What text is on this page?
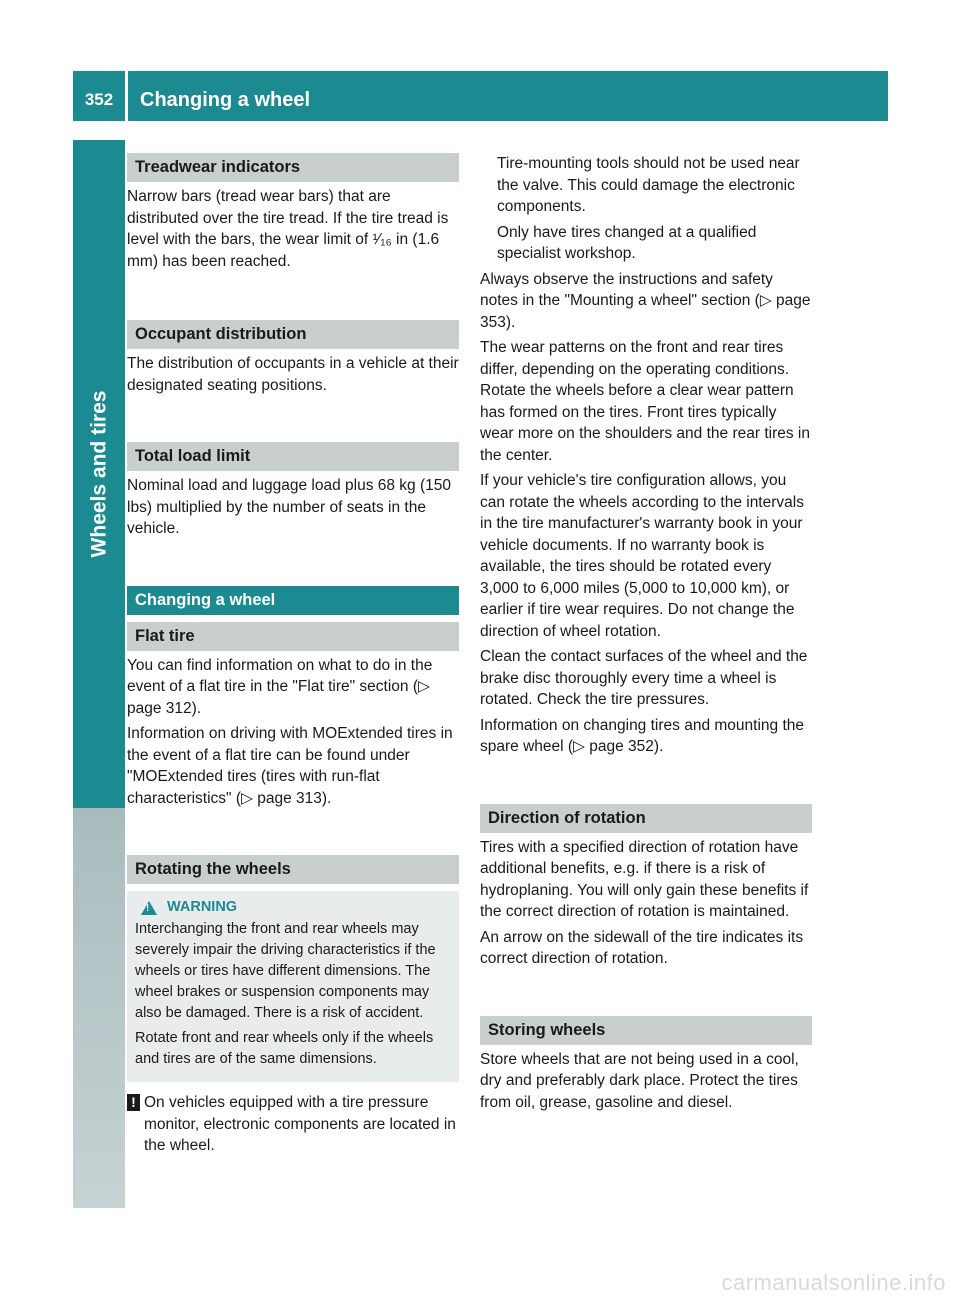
352	Changing a wheel
Wheels and tires
Treadwear indicators

Narrow bars (tread wear bars) that are distributed over the tire tread. If the tire tread is level with the bars, the wear limit of ¹⁄₁₆ in (1.6 mm) has been reached.

Occupant distribution

The distribution of occupants in a vehicle at their designated seating positions.

Total load limit

Nominal load and luggage load plus 68 kg (150 lbs) multiplied by the number of seats in the vehicle.

Changing a wheel
Flat tire

You can find information on what to do in the event of a flat tire in the "Flat tire" section (▷ page 312).

Information on driving with MOExtended tires in the event of a flat tire can be found under "MOExtended tires (tires with run-flat characteristics" (▷ page 313).

Rotating the wheels
!
WARNING

Interchanging the front and rear wheels may severely impair the driving characteristics if the wheels or tires have different dimensions. The wheel brakes or suspension components may also be damaged. There is a risk of accident.

Rotate front and rear wheels only if the wheels and tires are of the same dimensions.

! On vehicles equipped with a tire pressure monitor, electronic components are located in the wheel.

Tire-mounting tools should not be used near the valve. This could damage the electronic components.

Only have tires changed at a qualified specialist workshop.

Always observe the instructions and safety notes in the "Mounting a wheel" section (▷ page 353).

The wear patterns on the front and rear tires differ, depending on the operating conditions. Rotate the wheels before a clear wear pattern has formed on the tires. Front tires typically wear more on the shoulders and the rear tires in the center.

If your vehicle's tire configuration allows, you can rotate the wheels according to the intervals in the tire manufacturer's warranty book in your vehicle documents. If no warranty book is available, the tires should be rotated every 3,000 to 6,000 miles (5,000 to 10,000 km), or earlier if tire wear requires. Do not change the direction of wheel rotation.

Clean the contact surfaces of the wheel and the brake disc thoroughly every time a wheel is rotated. Check the tire pressures.

Information on changing tires and mounting the spare wheel (▷ page 352).

Direction of rotation

Tires with a specified direction of rotation have additional benefits, e.g. if there is a risk of hydroplaning. You will only gain these benefits if the correct direction of rotation is maintained.

An arrow on the sidewall of the tire indicates its correct direction of rotation.

Storing wheels

Store wheels that are not being used in a cool, dry and preferably dark place. Protect the tires from oil, grease, gasoline and diesel.

carmanualsonline.info
